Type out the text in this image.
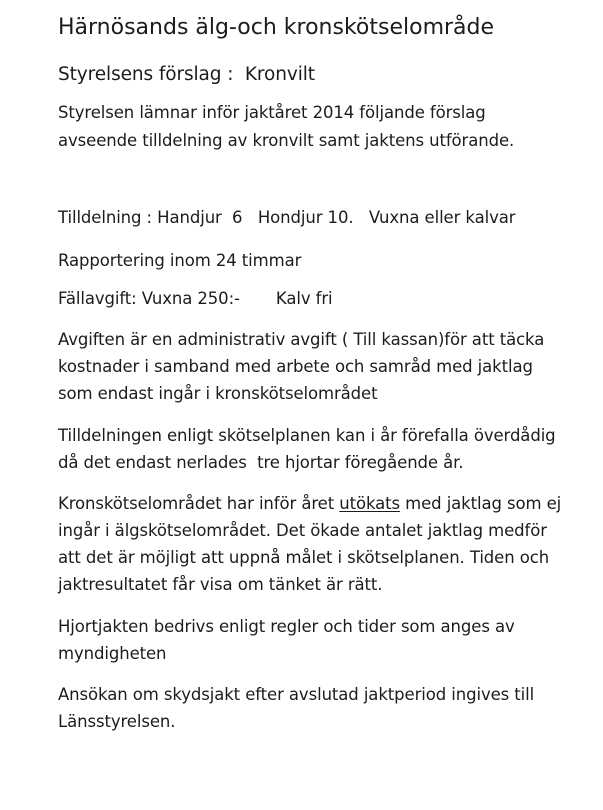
Härnösands älg-och kronskötselområde
Styrelsens förslag :  Kronvilt
Styrelsen lämnar inför jaktåret 2014 följande förslag
avseende tilldelning av kronvilt samt jaktens utförande.
Tilldelning : Handjur  6   Hondjur 10.   Vuxna eller kalvar
Rapportering inom 24 timmar
Fällavgift: Vuxna 250:-       Kalv fri
Avgiften är en administrativ avgift ( Till kassan)för att täcka
kostnader i samband med arbete och samråd med jaktlag
som endast ingår i kronskötselområdet
Tilldelningen enligt skötselplanen kan i år förefalla överdådig
då det endast nerlades  tre hjortar föregående år.
Kronskötselområdet har inför året utökats med jaktlag som ej
ingår i älgskötselområdet. Det ökade antalet jaktlag medför
att det är möjligt att uppnå målet i skötselplanen. Tiden och
jaktresultatet får visa om tänket är rätt.
Hjortjakten bedrivs enligt regler och tider som anges av
myndigheten
Ansökan om skydsjakt efter avslutad jaktperiod ingives till
Länsstyrelsen.
